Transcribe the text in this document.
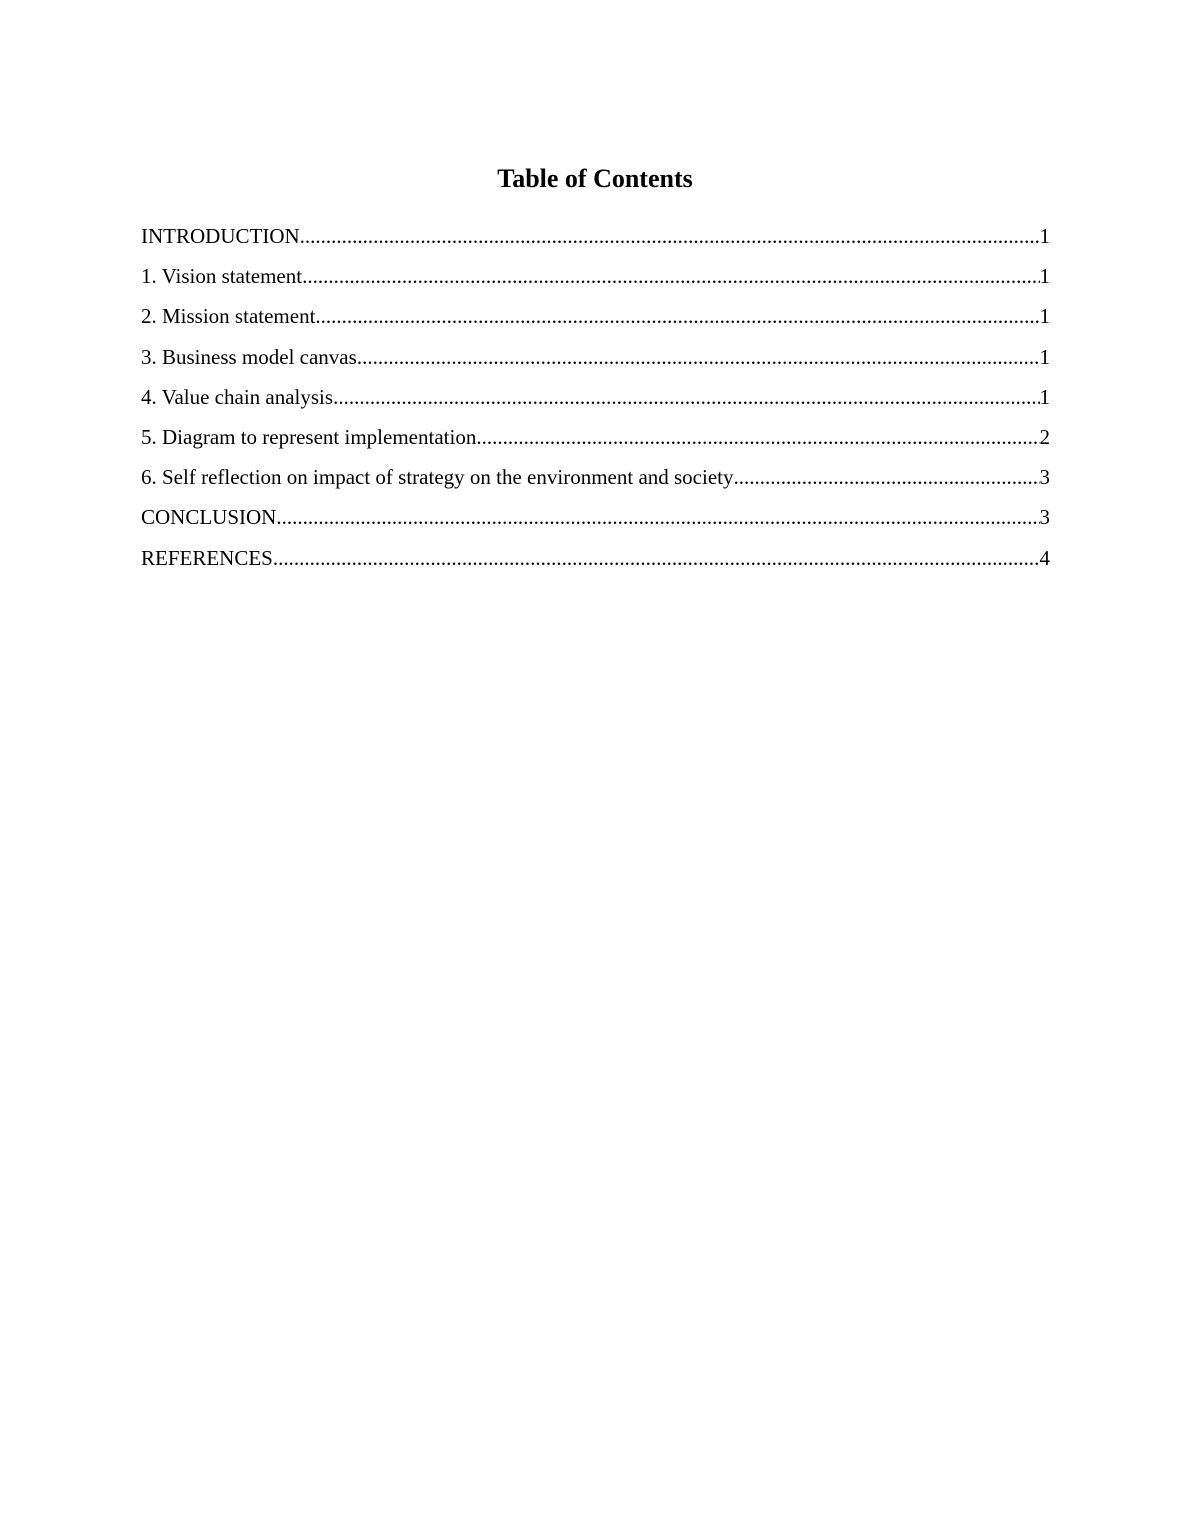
Table of Contents
INTRODUCTION .....	1
1. Vision statement .....	1
2. Mission statement .....	1
3. Business model canvas .....	1
4. Value chain analysis .....	1
5. Diagram to represent implementation .....	2
6. Self reflection on impact of strategy on the environment and society .....	3
CONCLUSION .....	3
REFERENCES .....	4
